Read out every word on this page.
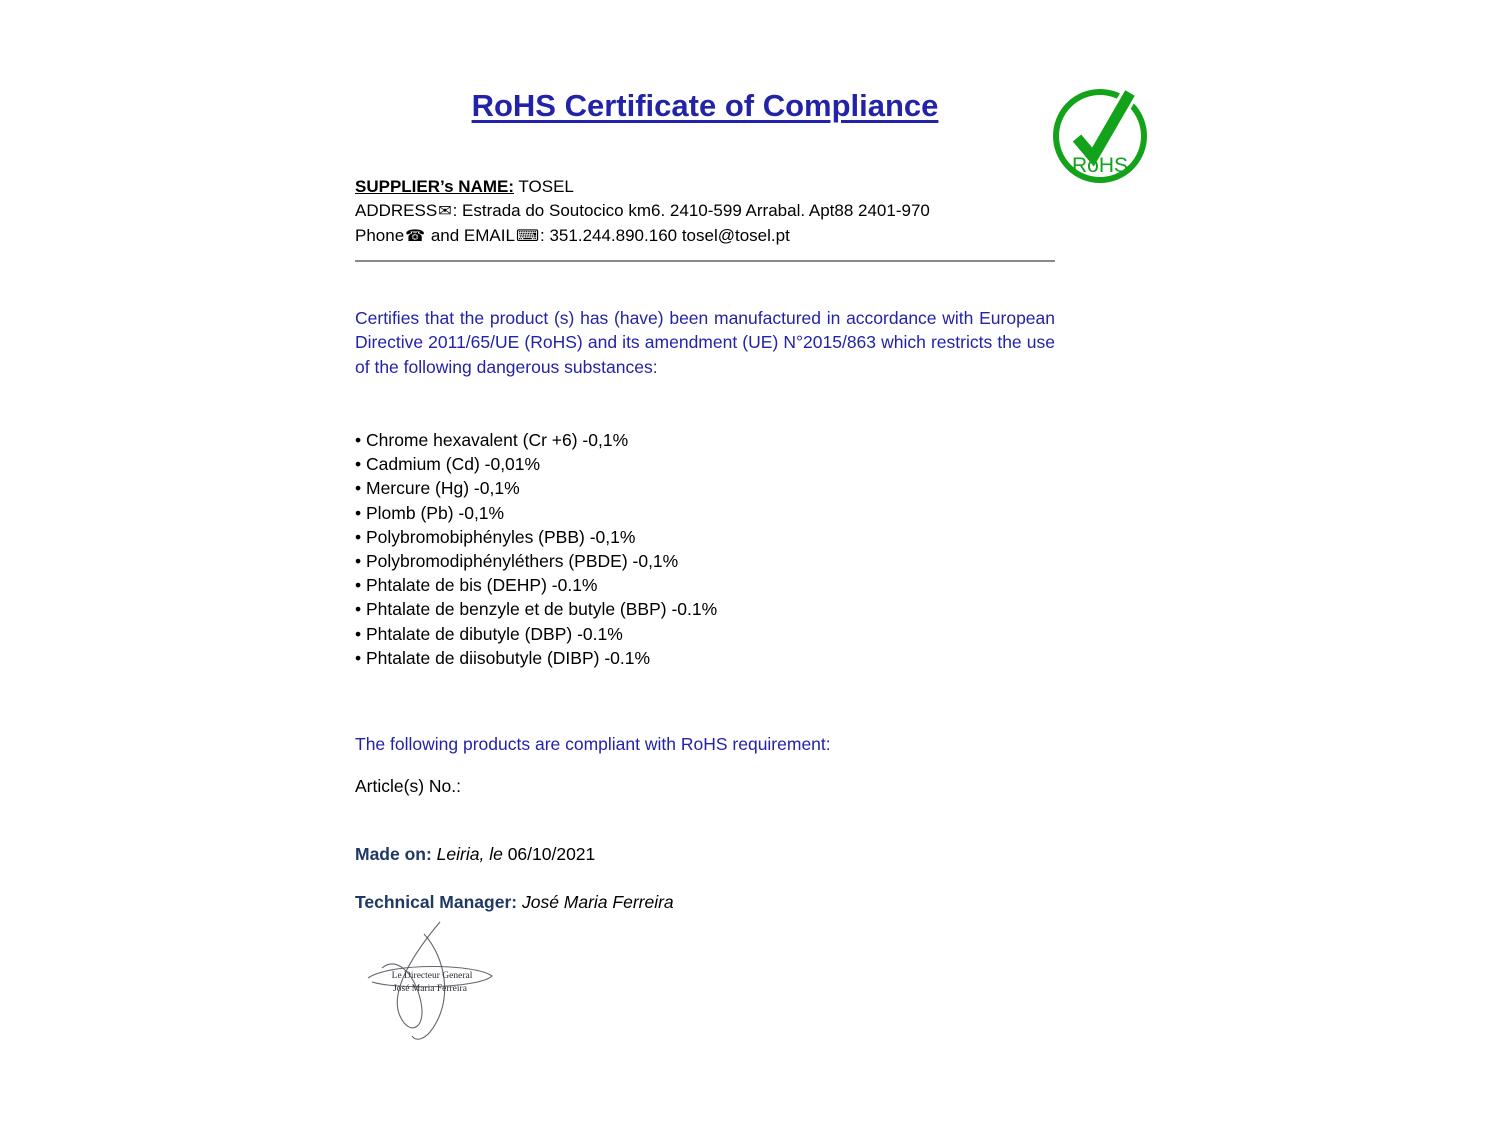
RoHS Certificate of Compliance
RoHS
SUPPLIER’s NAME: TOSEL
ADDRESS✉: Estrada do Soutocico km6. 2410-599 Arrabal. Apt88 2401-970
Phone☎ and EMAIL⌨: 351.244.890.160 tosel@tosel.pt

Certifies that the product (s) has (have) been manufactured in accordance with European Directive 2011/65/UE (RoHS) and its amendment (UE) N°2015/863 which restricts the use of the following dangerous substances:

• Chrome hexavalent (Cr +6) -0,1%
• Cadmium (Cd) -0,01%
• Mercure (Hg) -0,1%
• Plomb (Pb) -0,1%
• Polybromobiphényles (PBB) -0,1%
• Polybromodiphényléthers (PBDE) -0,1%
• Phtalate de bis (DEHP) -0.1%
• Phtalate de benzyle et de butyle (BBP) -0.1%
• Phtalate de dibutyle (DBP) -0.1%
• Phtalate de diisobutyle (DIBP) -0.1%

The following products are compliant with RoHS requirement:

Article(s) No.:

Made on: Leiria, le 06/10/2021

Technical Manager: José Maria Ferreira

Le Directeur General
José Maria Ferreira
